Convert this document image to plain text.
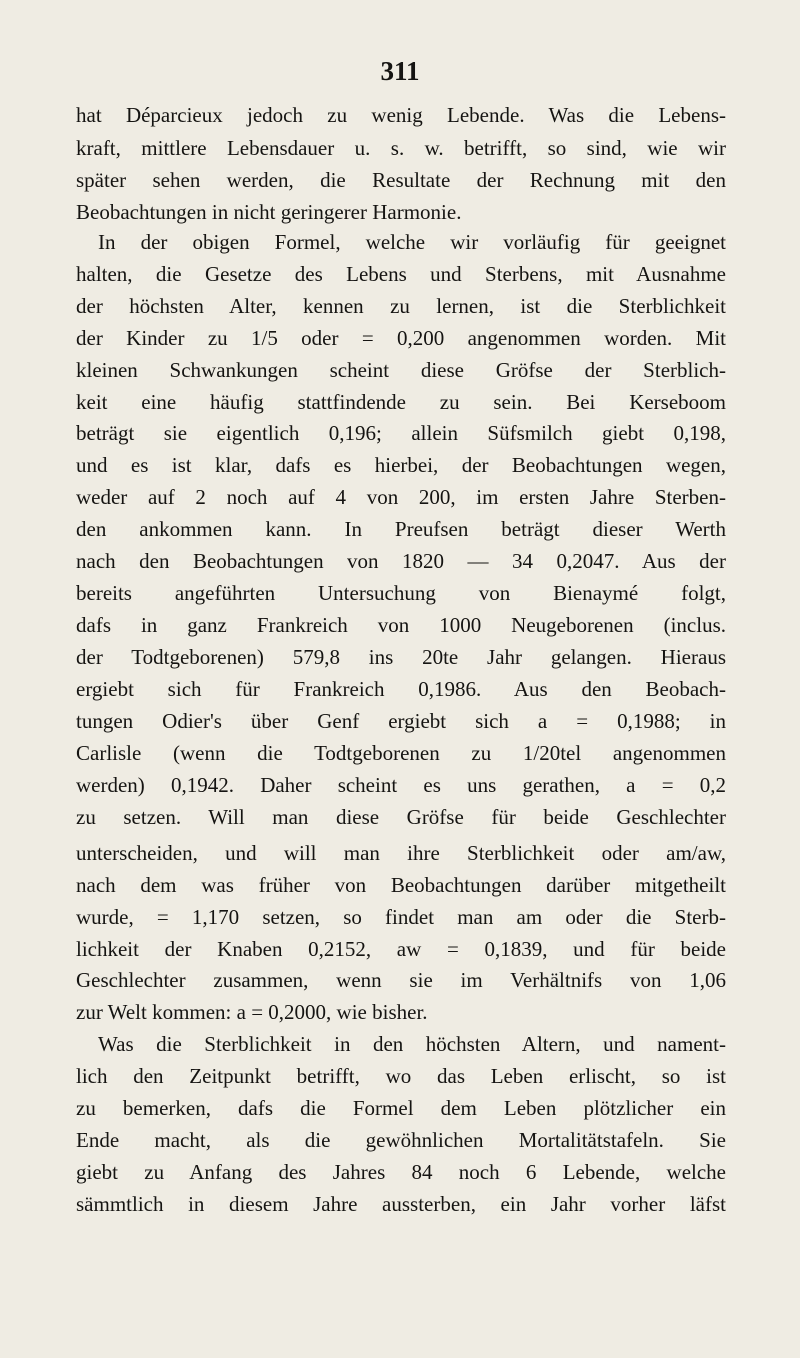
311
hat Déparcieux jedoch zu wenig Lebende. Was die Lebens-
kraft, mittlere Lebensdauer u. s. w. betrifft, so sind, wie wir
später sehen werden, die Resultate der Rechnung mit den
Beobachtungen in nicht geringerer Harmonie.
In der obigen Formel, welche wir vorläufig für geeignet
halten, die Gesetze des Lebens und Sterbens, mit Ausnahme
der höchsten Alter, kennen zu lernen, ist die Sterblichkeit
der Kinder zu 1/5 oder = 0,200 angenommen worden. Mit
kleinen Schwankungen scheint diese Gröfse der Sterblich-
keit eine häufig stattfindende zu sein. Bei Kerseboom
beträgt sie eigentlich 0,196; allein Süfsmilch giebt 0,198,
und es ist klar, dafs es hierbei, der Beobachtungen wegen,
weder auf 2 noch auf 4 von 200, im ersten Jahre Sterben-
den ankommen kann. In Preufsen beträgt dieser Werth
nach den Beobachtungen von 1820 — 34 0,2047. Aus der
bereits angeführten Untersuchung von Bienaymé folgt,
dafs in ganz Frankreich von 1000 Neugeborenen (inclus.
der Todtgeborenen) 579,8 ins 20te Jahr gelangen. Hieraus
ergiebt sich für Frankreich 0,1986. Aus den Beobach-
tungen Odier's über Genf ergiebt sich a = 0,1988; in
Carlisle (wenn die Todtgeborenen zu 1/20tel angenommen
werden) 0,1942. Daher scheint es uns gerathen, a = 0,2
zu setzen. Will man diese Gröfse für beide Geschlechter
unterscheiden, und will man ihre Sterblichkeit oder am/aw,
nach dem was früher von Beobachtungen darüber mitgetheilt
wurde, = 1,170 setzen, so findet man am oder die Sterb-
lichkeit der Knaben 0,2152, aw = 0,1839, und für beide
Geschlechter zusammen, wenn sie im Verhältnifs von 1,06
zur Welt kommen: a = 0,2000, wie bisher.
Was die Sterblichkeit in den höchsten Altern, und nament-
lich den Zeitpunkt betrifft, wo das Leben erlischt, so ist
zu bemerken, dafs die Formel dem Leben plötzlicher ein
Ende macht, als die gewöhnlichen Mortalitätstafeln. Sie
giebt zu Anfang des Jahres 84 noch 6 Lebende, welche
sämmtlich in diesem Jahre aussterben, ein Jahr vorher läfst
